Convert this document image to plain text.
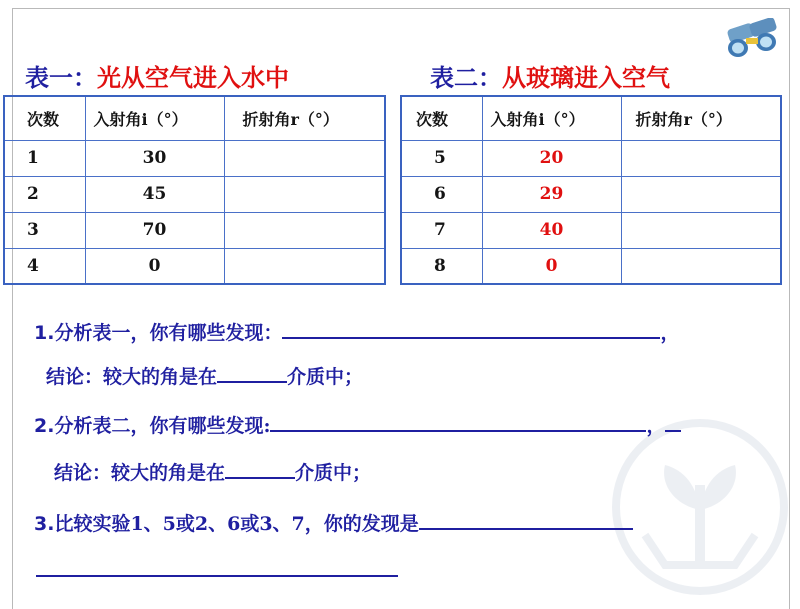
表一：光从空气进入水中	表二：从玻璃进入空气
次数	入射角i（°）	折射角r（°）
1	30	
2	45	
3	70	
4	0	
次数	入射角i（°）	折射角r（°）
5	20	
6	29	
7	40	
8	0	
1.分析表一，你有哪些发现：	，
结论：较大的角是在	介质中；
2.分析表二，你有哪些发现:	，
结论：较大的角是在	介质中；
3.比较实验1、5或2、6或3、7，你的发现是
